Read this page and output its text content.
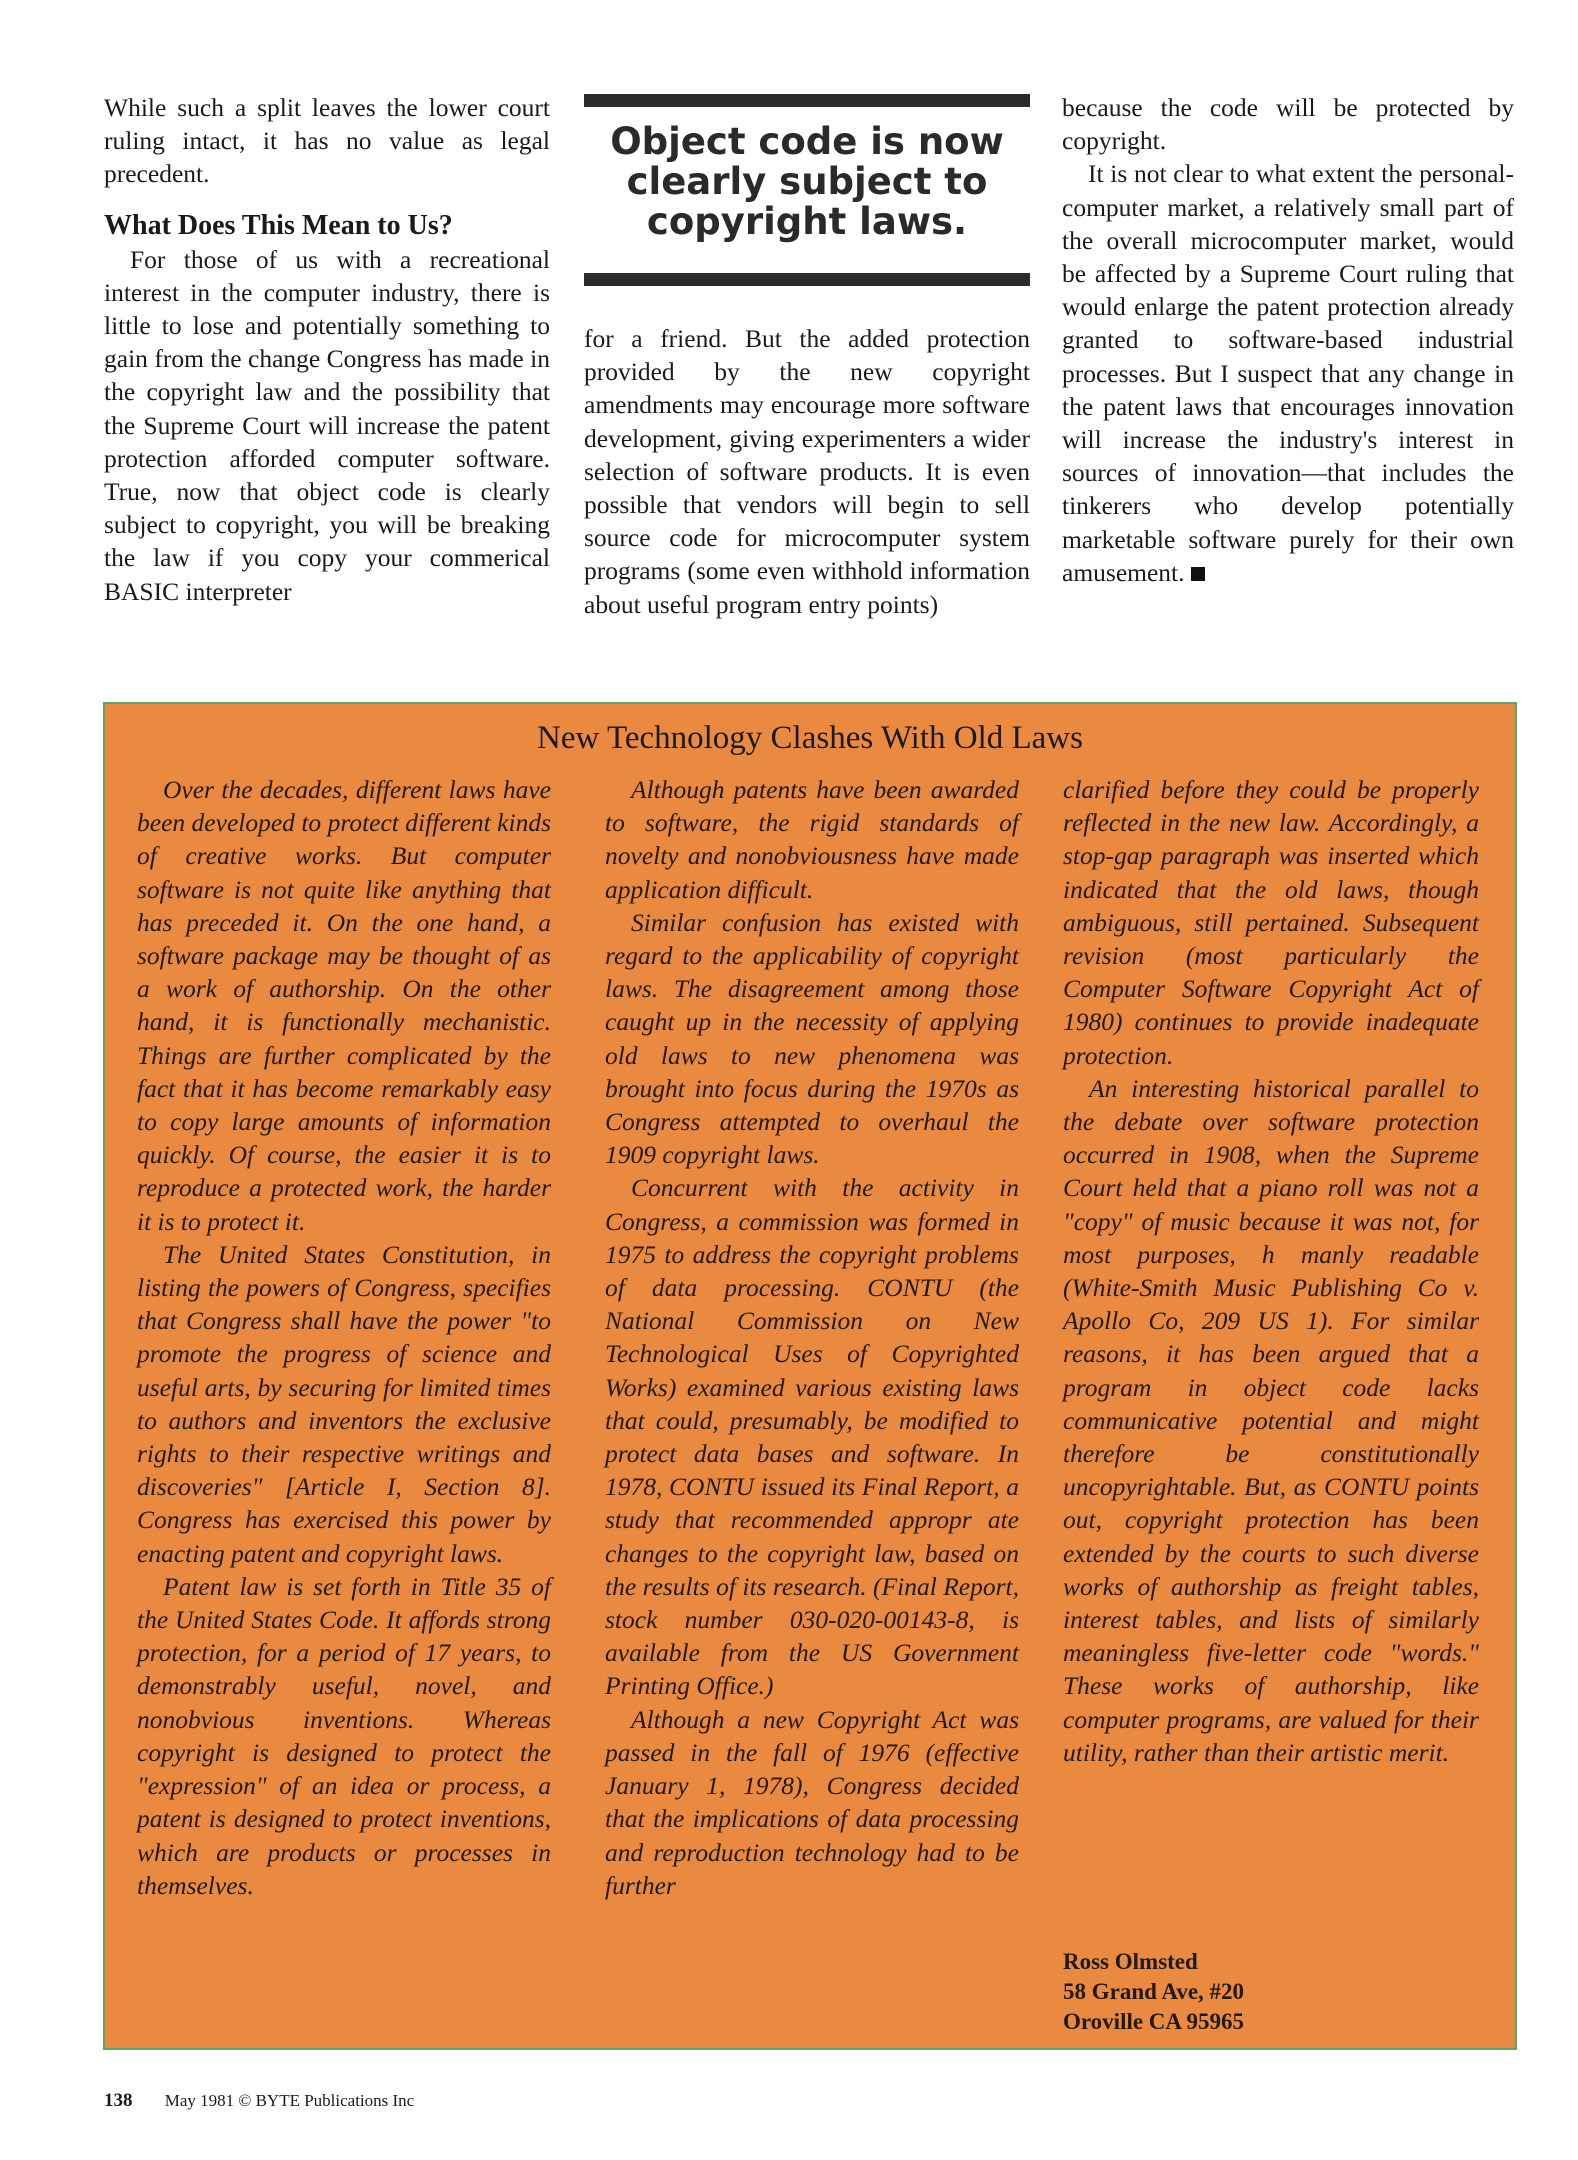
While such a split leaves the lower court ruling intact, it has no value as legal precedent.

What Does This Mean to Us?

For those of us with a recreational interest in the computer industry, there is little to lose and potentially something to gain from the change Congress has made in the copyright law and the possibility that the Supreme Court will increase the patent protection afforded computer software. True, now that object code is clearly subject to copyright, you will be breaking the law if you copy your commerical BASIC interpreter

Object code is now clearly subject to copyright laws.

for a friend. But the added protection provided by the new copyright amendments may encourage more software development, giving experimenters a wider selection of software products. It is even possible that vendors will begin to sell source code for microcomputer system programs (some even withhold information about useful program entry points)

because the code will be protected by copyright.

It is not clear to what extent the personal-computer market, a relatively small part of the overall microcomputer market, would be affected by a Supreme Court ruling that would enlarge the patent protection already granted to software-based industrial processes. But I suspect that any change in the patent laws that encourages innovation will increase the industry's interest in sources of innovation—that includes the tinkerers who develop potentially marketable software purely for their own amusement.

New Technology Clashes With Old Laws

Over the decades, different laws have been developed to protect different kinds of creative works. But computer software is not quite like anything that has preceded it. On the one hand, a software package may be thought of as a work of authorship. On the other hand, it is functionally mechanistic. Things are further complicated by the fact that it has become remarkably easy to copy large amounts of information quickly. Of course, the easier it is to reproduce a protected work, the harder it is to protect it.

The United States Constitution, in listing the powers of Congress, specifies that Congress shall have the power "to promote the progress of science and useful arts, by securing for limited times to authors and inventors the exclusive rights to their respective writings and discoveries" [Article I, Section 8]. Congress has exercised this power by enacting patent and copyright laws.

Patent law is set forth in Title 35 of the United States Code. It affords strong protection, for a period of 17 years, to demonstrably useful, novel, and nonobvious inventions. Whereas copyright is designed to protect the "expression" of an idea or process, a patent is designed to protect inventions, which are products or processes in themselves.

Although patents have been awarded to software, the rigid standards of novelty and nonobviousness have made application difficult.

Similar confusion has existed with regard to the applicability of copyright laws. The disagreement among those caught up in the necessity of applying old laws to new phenomena was brought into focus during the 1970s as Congress attempted to overhaul the 1909 copyright laws.

Concurrent with the activity in Congress, a commission was formed in 1975 to address the copyright problems of data processing. CONTU (the National Commission on New Technological Uses of Copyrighted Works) examined various existing laws that could, presumably, be modified to protect data bases and software. In 1978, CONTU issued its Final Report, a study that recommended appropr ate changes to the copyright law, based on the results of its research. (Final Report, stock number 030-020-00143-8, is available from the US Government Printing Office.)

Although a new Copyright Act was passed in the fall of 1976 (effective January 1, 1978), Congress decided that the implications of data processing and reproduction technology had to be further

clarified before they could be properly reflected in the new law. Accordingly, a stop-gap paragraph was inserted which indicated that the old laws, though ambiguous, still pertained. Subsequent revision (most particularly the Computer Software Copyright Act of 1980) continues to provide inadequate protection.

An interesting historical parallel to the debate over software protection occurred in 1908, when the Supreme Court held that a piano roll was not a "copy" of music because it was not, for most purposes, h manly readable (White-Smith Music Publishing Co v. Apollo Co, 209 US 1). For similar reasons, it has been argued that a program in object code lacks communicative potential and might therefore be constitutionally uncopyrightable. But, as CONTU points out, copyright protection has been extended by the courts to such diverse works of authorship as freight tables, interest tables, and lists of similarly meaningless five-letter code "words." These works of authorship, like computer programs, are valued for their utility, rather than their artistic merit.

Ross Olmsted
58 Grand Ave, #20
Oroville CA 95965
138 May 1981 © BYTE Publications Inc
